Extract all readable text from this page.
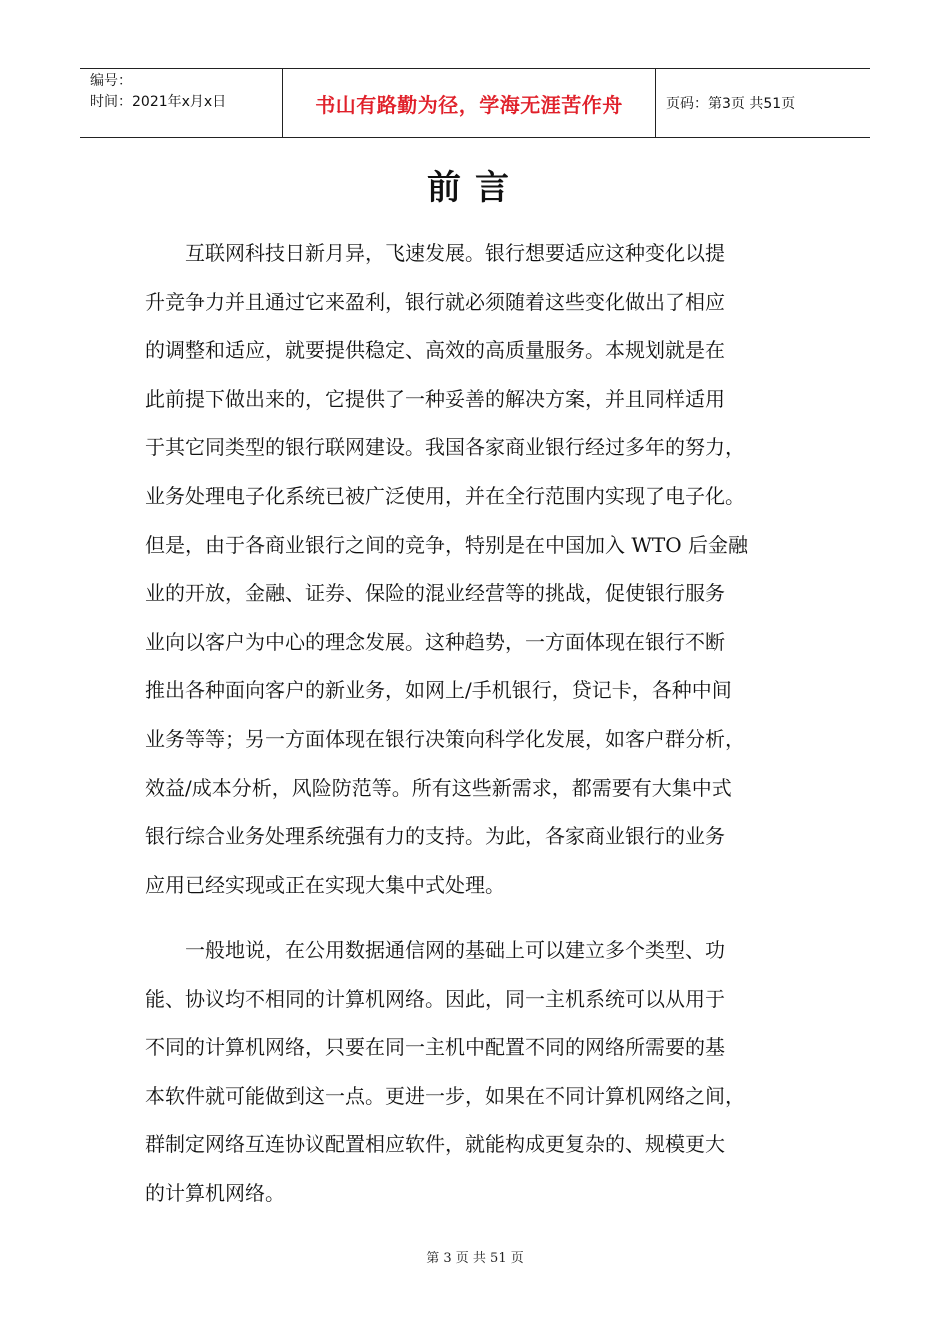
编号：
时间：2021年x月x日	书山有路勤为径，学海无涯苦作舟	页码：第3页 共51页
前言
　　互联网科技日新月异，飞速发展。银行想要适应这种变化以提
升竞争力并且通过它来盈利，银行就必须随着这些变化做出了相应
的调整和适应，就要提供稳定、高效的高质量服务。本规划就是在
此前提下做出来的，它提供了一种妥善的解决方案，并且同样适用
于其它同类型的银行联网建设。我国各家商业银行经过多年的努力，
业务处理电子化系统已被广泛使用，并在全行范围内实现了电子化。
但是，由于各商业银行之间的竞争，特别是在中国加入 WTO 后金融
业的开放，金融、证券、保险的混业经营等的挑战，促使银行服务
业向以客户为中心的理念发展。这种趋势，一方面体现在银行不断
推出各种面向客户的新业务，如网上/手机银行，贷记卡，各种中间
业务等等；另一方面体现在银行决策向科学化发展，如客户群分析，
效益/成本分析，风险防范等。所有这些新需求，都需要有大集中式
银行综合业务处理系统强有力的支持。为此，各家商业银行的业务
应用已经实现或正在实现大集中式处理。
　　一般地说，在公用数据通信网的基础上可以建立多个类型、功
能、协议均不相同的计算机网络。因此，同一主机系统可以从用于
不同的计算机网络，只要在同一主机中配置不同的网络所需要的基
本软件就可能做到这一点。更进一步，如果在不同计算机网络之间，
群制定网络互连协议配置相应软件，就能构成更复杂的、规模更大
的计算机网络。
第 3 页 共 51 页
